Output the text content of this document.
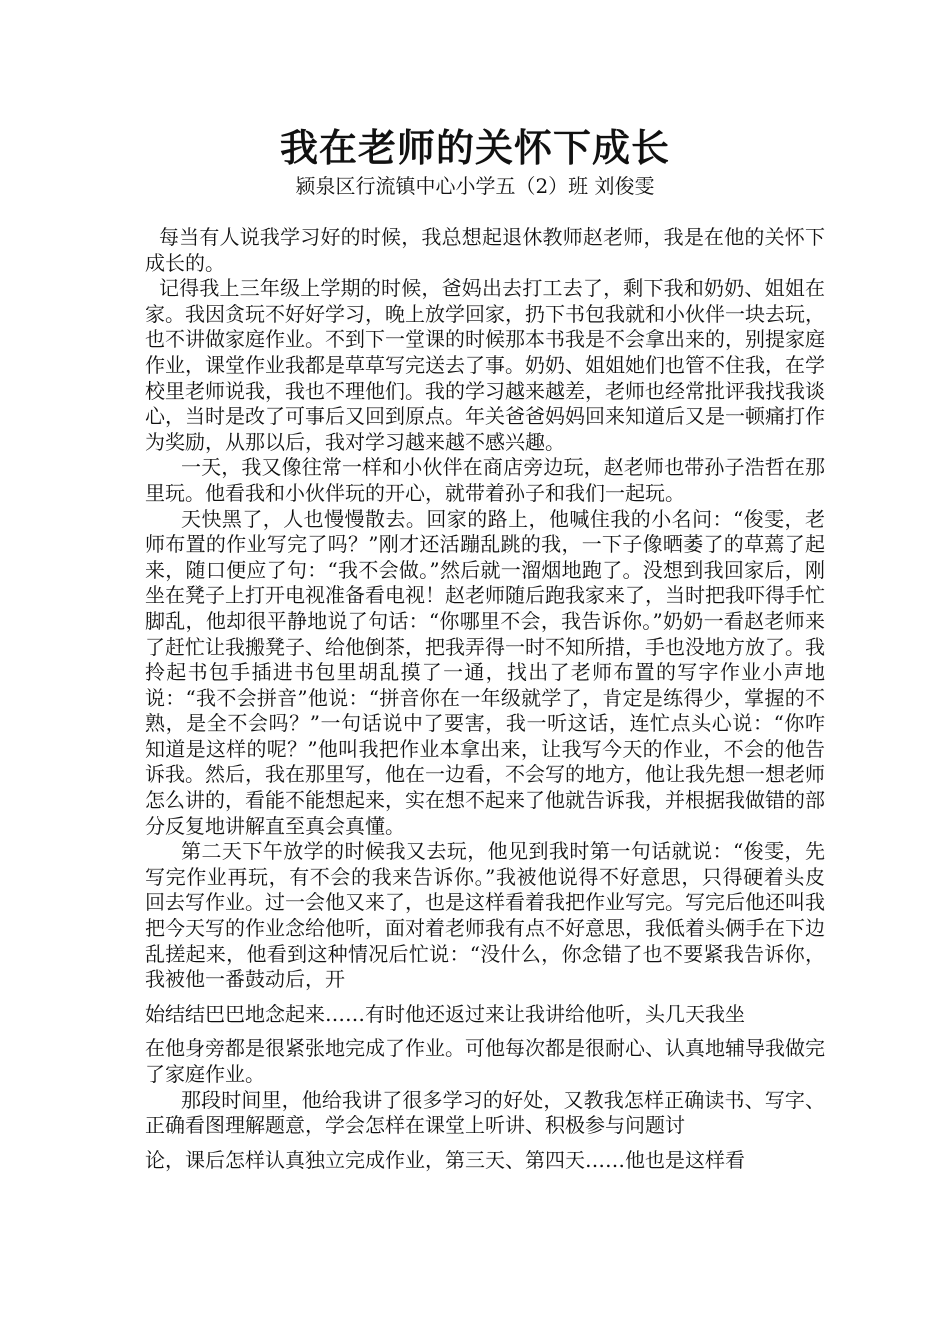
我在老师的关怀下成长

颍泉区行流镇中心小学五（2）班 刘俊雯

每当有人说我学习好的时候，我总想起退休教师赵老师，我是在他的关怀下成长的。

记得我上三年级上学期的时候，爸妈出去打工去了，剩下我和奶奶、姐姐在家。我因贪玩不好好学习，晚上放学回家，扔下书包我就和小伙伴一块去玩，也不讲做家庭作业。不到下一堂课的时候那本书我是不会拿出来的，别提家庭作业，课堂作业我都是草草写完送去了事。奶奶、姐姐她们也管不住我，在学校里老师说我，我也不理他们。我的学习越来越差，老师也经常批评我找我谈心，当时是改了可事后又回到原点。年关爸爸妈妈回来知道后又是一顿痛打作为奖励，从那以后，我对学习越来越不感兴趣。

一天，我又像往常一样和小伙伴在商店旁边玩，赵老师也带孙子浩哲在那里玩。他看我和小伙伴玩的开心，就带着孙子和我们一起玩。

天快黑了，人也慢慢散去。回家的路上，他喊住我的小名问：“俊雯，老师布置的作业写完了吗？”刚才还活蹦乱跳的我，一下子像晒萎了的草蔫了起来，随口便应了句：“我不会做。”然后就一溜烟地跑了。没想到我回家后，刚坐在凳子上打开电视准备看电视！赵老师随后跑我家来了，当时把我吓得手忙脚乱，他却很平静地说了句话：“你哪里不会，我告诉你。”奶奶一看赵老师来了赶忙让我搬凳子、给他倒茶，把我弄得一时不知所措，手也没地方放了。我拎起书包手插进书包里胡乱摸了一通，找出了老师布置的写字作业小声地说：“我不会拼音”他说：“拼音你在一年级就学了，肯定是练得少，掌握的不熟，是全不会吗？”一句话说中了要害，我一听这话，连忙点头心说：“你咋知道是这样的呢？”他叫我把作业本拿出来，让我写今天的作业，不会的他告诉我。然后，我在那里写，他在一边看，不会写的地方，他让我先想一想老师怎么讲的，看能不能想起来，实在想不起来了他就告诉我，并根据我做错的部分反复地讲解直至真会真懂。

第二天下午放学的时候我又去玩，他见到我时第一句话就说：“俊雯，先写完作业再玩，有不会的我来告诉你。”我被他说得不好意思，只得硬着头皮回去写作业。过一会他又来了，也是这样看着我把作业写完。写完后他还叫我把今天写的作业念给他听，面对着老师我有点不好意思，我低着头俩手在下边乱搓起来，他看到这种情况后忙说：“没什么，你念错了也不要紧我告诉你，我被他一番鼓动后，开

始结结巴巴地念起来……有时他还返过来让我讲给他听，头几天我坐

在他身旁都是很紧张地完成了作业。可他每次都是很耐心、认真地辅导我做完了家庭作业。

那段时间里，他给我讲了很多学习的好处，又教我怎样正确读书、写字、正确看图理解题意，学会怎样在课堂上听讲、积极参与问题讨

论，课后怎样认真独立完成作业，第三天、第四天……他也是这样看
